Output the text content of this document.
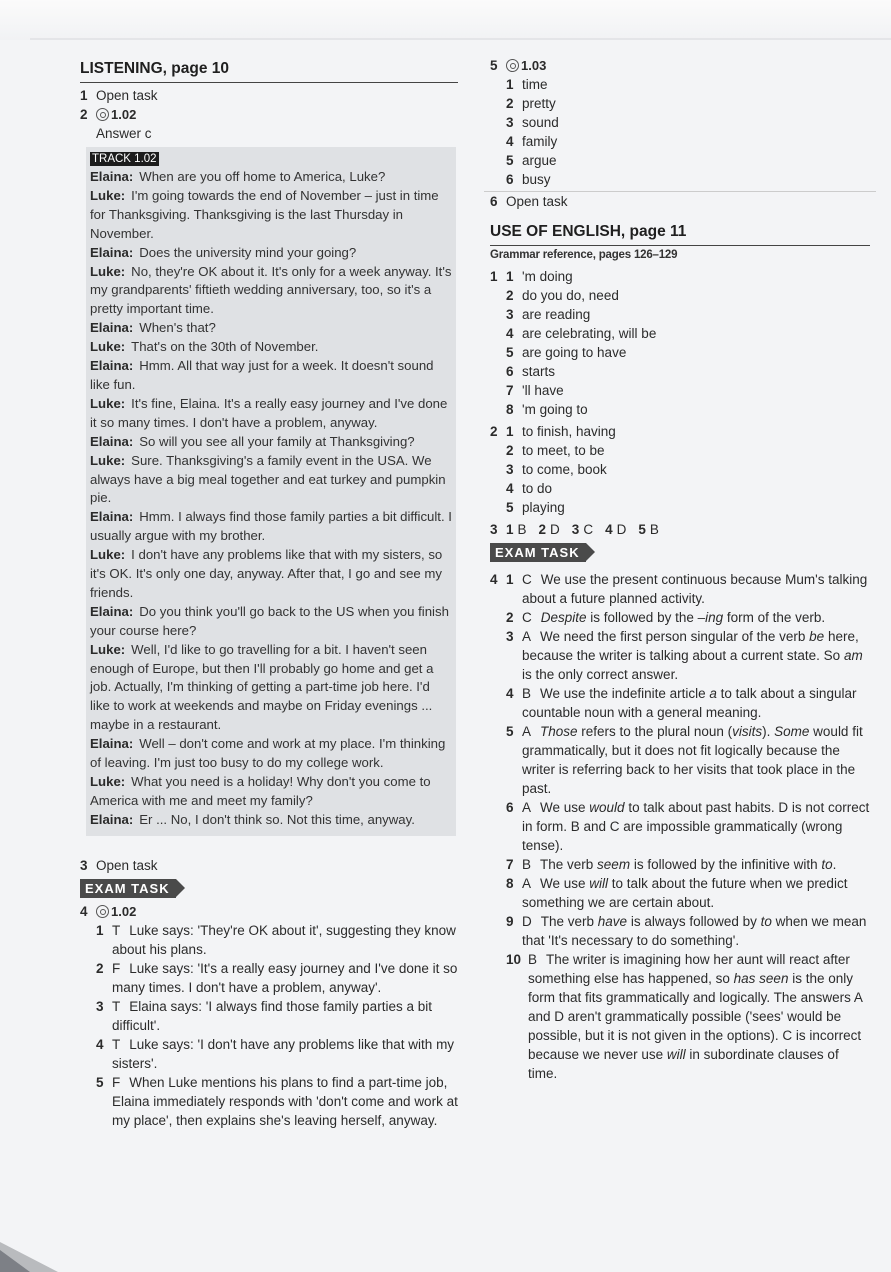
LISTENING, page 10
1 Open task
2	1.02
Answer c
TRACK 1.02
Elaina: When are you off home to America, Luke?
Luke: I'm going towards the end of November – just in time for Thanksgiving. Thanksgiving is the last Thursday in November.
Elaina: Does the university mind your going?
Luke: No, they're OK about it. It's only for a week anyway. It's my grandparents' fiftieth wedding anniversary, too, so it's a pretty important time.
Elaina: When's that?
Luke: That's on the 30th of November.
Elaina: Hmm. All that way just for a week. It doesn't sound like fun.
Luke: It's fine, Elaina. It's a really easy journey and I've done it so many times. I don't have a problem, anyway.
Elaina: So will you see all your family at Thanksgiving?
Luke: Sure. Thanksgiving's a family event in the USA. We always have a big meal together and eat turkey and pumpkin pie.
Elaina: Hmm. I always find those family parties a bit difficult. I usually argue with my brother.
Luke: I don't have any problems like that with my sisters, so it's OK. It's only one day, anyway. After that, I go and see my friends.
Elaina: Do you think you'll go back to the US when you finish your course here?
Luke: Well, I'd like to go travelling for a bit. I haven't seen enough of Europe, but then I'll probably go home and get a job. Actually, I'm thinking of getting a part-time job here. I'd like to work at weekends and maybe on Friday evenings ... maybe in a restaurant.
Elaina: Well – don't come and work at my place. I'm thinking of leaving. I'm just too busy to do my college work.
Luke: What you need is a holiday! Why don't you come to America with me and meet my family?
Elaina: Er ... No, I don't think so. Not this time, anyway.
3 Open task
EXAM TASK
4	1.02
1 T Luke says: 'They're OK about it', suggesting they know about his plans.
2 F Luke says: 'It's a really easy journey and I've done it so many times. I don't have a problem, anyway'.
3 T Elaina says: 'I always find those family parties a bit difficult'.
4 T Luke says: 'I don't have any problems like that with my sisters'.
5 F When Luke mentions his plans to find a part-time job, Elaina immediately responds with 'don't come and work at my place', then explains she's leaving herself, anyway.
5	1.03
1 time
2 pretty
3 sound
4 family
5 argue
6 busy
6 Open task
USE OF ENGLISH, page 11
Grammar reference, pages 126–129
1 1 'm doing
2 do you do, need
3 are reading
4 are celebrating, will be
5 are going to have
6 starts
7 'll have
8 'm going to
2 1 to finish, having
2 to meet, to be
3 to come, book
4 to do
5 playing
3 1 B 2 D 3 C 4 D 5 B
EXAM TASK
4 1 C We use the present continuous because Mum's talking about a future planned activity.
2 C Despite is followed by the –ing form of the verb.
3 A We need the first person singular of the verb be here, because the writer is talking about a current state. So am is the only correct answer.
4 B We use the indefinite article a to talk about a singular countable noun with a general meaning.
5 A Those refers to the plural noun (visits). Some would fit grammatically, but it does not fit logically because the writer is referring back to her visits that took place in the past.
6 A We use would to talk about past habits. D is not correct in form. B and C are impossible grammatically (wrong tense).
7 B The verb seem is followed by the infinitive with to.
8 A We use will to talk about the future when we predict something we are certain about.
9 D The verb have is always followed by to when we mean that 'It's necessary to do something'.
10 B The writer is imagining how her aunt will react after something else has happened, so has seen is the only form that fits grammatically and logically. The answers A and D aren't grammatically possible ('sees' would be possible, but it is not given in the options). C is incorrect because we never use will in subordinate clauses of time.
